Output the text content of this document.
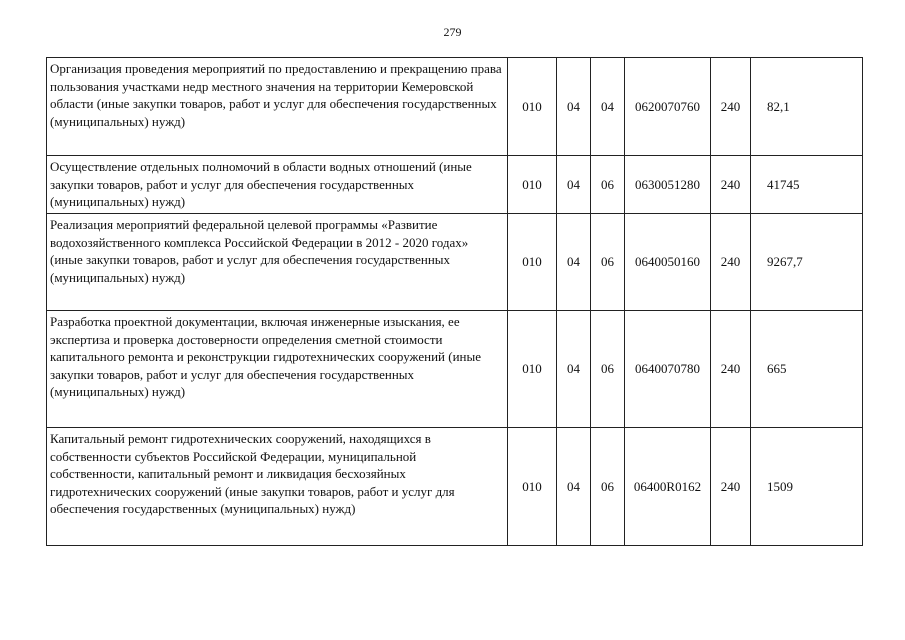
279
Организация проведения мероприятий по предоставлению и прекращению права пользования участками недр местного значения на территории Кемеровской области (иные закупки товаров, работ и услуг для обеспечения государственных (муниципальных) нужд)	010	04	04	0620070760	240	82,1

Осуществление отдельных полномочий в области водных отношений (иные закупки товаров, работ и услуг для обеспечения государственных (муниципальных) нужд)	010	04	06	0630051280	240	41745

Реализация мероприятий федеральной целевой программы «Развитие водохозяйственного комплекса Российской Федерации в 2012 - 2020 годах» (иные закупки товаров, работ и услуг для обеспечения государственных (муниципальных) нужд)	010	04	06	0640050160	240	9267,7

Разработка проектной документации, включая инженерные изыскания, ее экспертиза и проверка достоверности определения сметной стоимости капитального ремонта и реконструкции гидротехнических сооружений (иные закупки товаров, работ и услуг для обеспечения государственных (муниципальных) нужд)	010	04	06	0640070780	240	665

Капитальный ремонт гидротехнических сооружений, находящихся в собственности субъектов Российской Федерации, муниципальной собственности, капитальный ремонт и ликвидация бесхозяйных гидротехнических сооружений (иные закупки товаров, работ и услуг для обеспечения государственных (муниципальных) нужд)	010	04	06	06400R0162	240	1509
